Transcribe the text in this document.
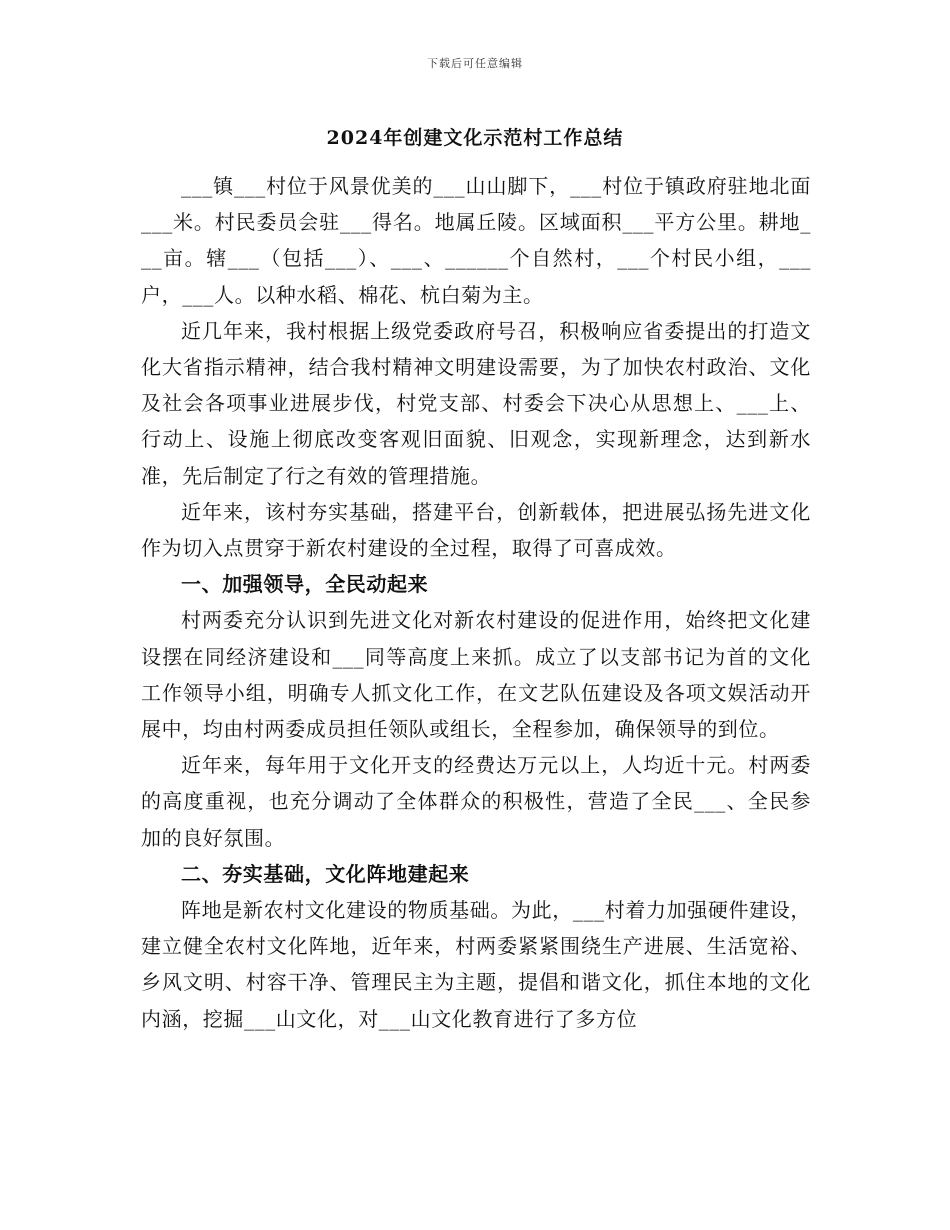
下载后可任意编辑
2024年创建文化示范村工作总结

___镇___村位于风景优美的___山山脚下，___村位于镇政府驻地北面___米。村民委员会驻___得名。地属丘陵。区域面积___平方公里。耕地___亩。辖___（包括___）、___、______个自然村，___个村民小组，___户，___人。以种水稻、棉花、杭白菊为主。

近几年来，我村根据上级党委政府号召，积极响应省委提出的打造文化大省指示精神，结合我村精神文明建设需要，为了加快农村政治、文化及社会各项事业进展步伐，村党支部、村委会下决心从思想上、___上、行动上、设施上彻底改变客观旧面貌、旧观念，实现新理念，达到新水准，先后制定了行之有效的管理措施。

近年来，该村夯实基础，搭建平台，创新载体，把进展弘扬先进文化作为切入点贯穿于新农村建设的全过程，取得了可喜成效。

一、加强领导，全民动起来

村两委充分认识到先进文化对新农村建设的促进作用，始终把文化建设摆在同经济建设和___同等高度上来抓。成立了以支部书记为首的文化工作领导小组，明确专人抓文化工作，在文艺队伍建设及各项文娱活动开展中，均由村两委成员担任领队或组长，全程参加，确保领导的到位。

近年来，每年用于文化开支的经费达万元以上，人均近十元。村两委的高度重视，也充分调动了全体群众的积极性，营造了全民___、全民参加的良好氛围。

二、夯实基础，文化阵地建起来

阵地是新农村文化建设的物质基础。为此，___村着力加强硬件建设，建立健全农村文化阵地，近年来，村两委紧紧围绕生产进展、生活宽裕、乡风文明、村容干净、管理民主为主题，提倡和谐文化，抓住本地的文化内涵，挖掘___山文化，对___山文化教育进行了多方位
